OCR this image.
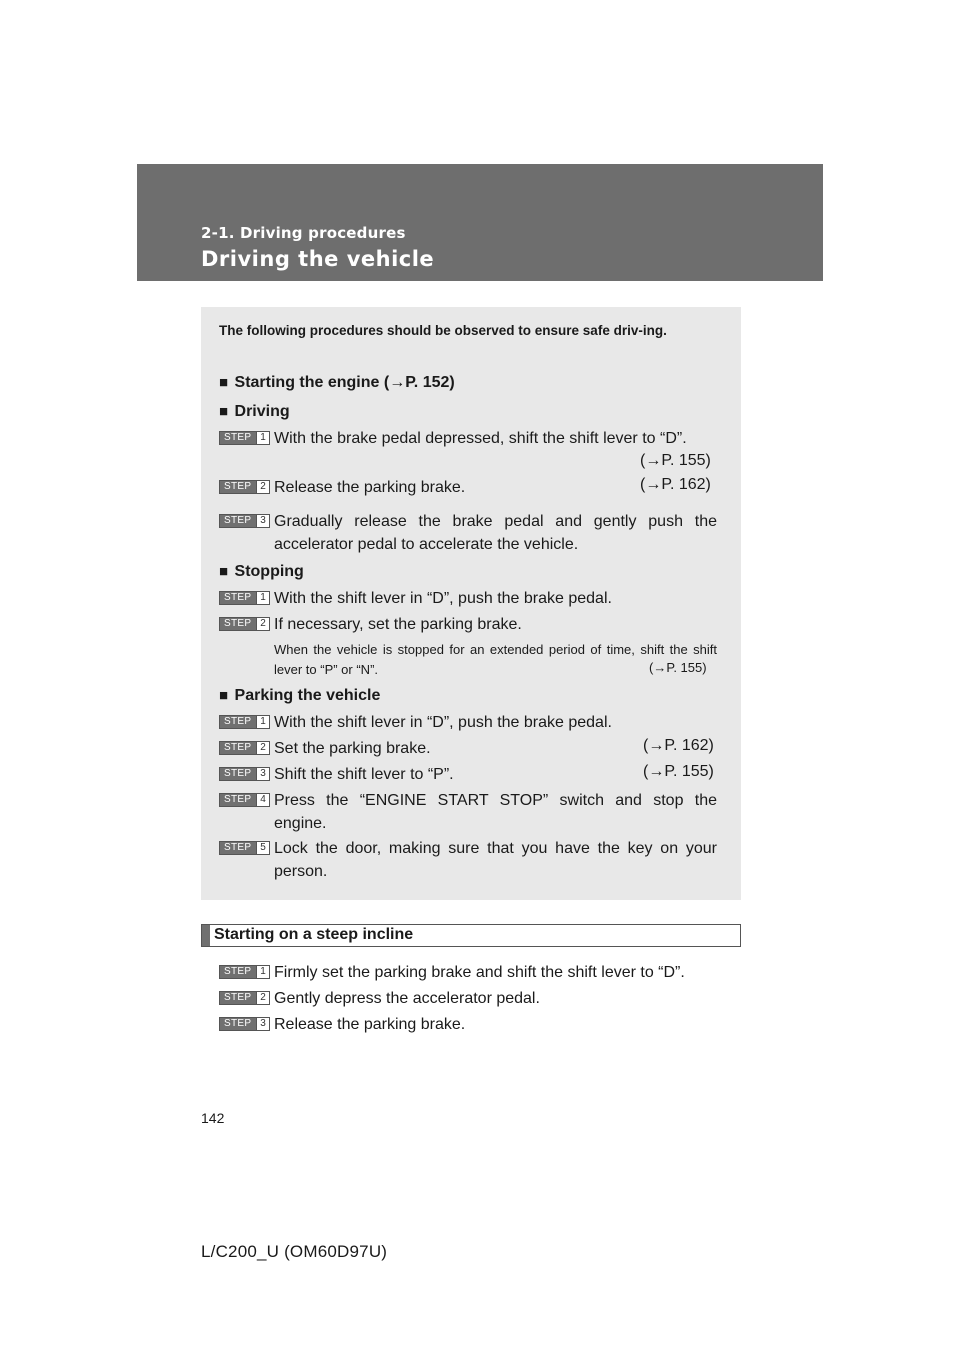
2-1. Driving procedures
Driving the vehicle
The following procedures should be observed to ensure safe driv-ing.
■ Starting the engine (→P. 152)
■ Driving
STEP 1 With the brake pedal depressed, shift the shift lever to “D”.
(→P. 155)
STEP 2 Release the parking brake.	(→P. 162)
STEP 3 Gradually release the brake pedal and gently push the accelerator pedal to accelerate the vehicle.
■ Stopping
STEP 1 With the shift lever in “D”, push the brake pedal.
STEP 2 If necessary, set the parking brake.
When the vehicle is stopped for an extended period of time, shift the shift lever to “P” or “N”.	(→P. 155)
■ Parking the vehicle
STEP 1 With the shift lever in “D”, push the brake pedal.
STEP 2 Set the parking brake.	(→P. 162)
STEP 3 Shift the shift lever to “P”.	(→P. 155)
STEP 4 Press the “ENGINE START STOP” switch and stop the engine.
STEP 5 Lock the door, making sure that you have the key on your person.
Starting on a steep incline
STEP 1 Firmly set the parking brake and shift the shift lever to “D”.
STEP 2 Gently depress the accelerator pedal.
STEP 3 Release the parking brake.
142
L/C200_U (OM60D97U)
